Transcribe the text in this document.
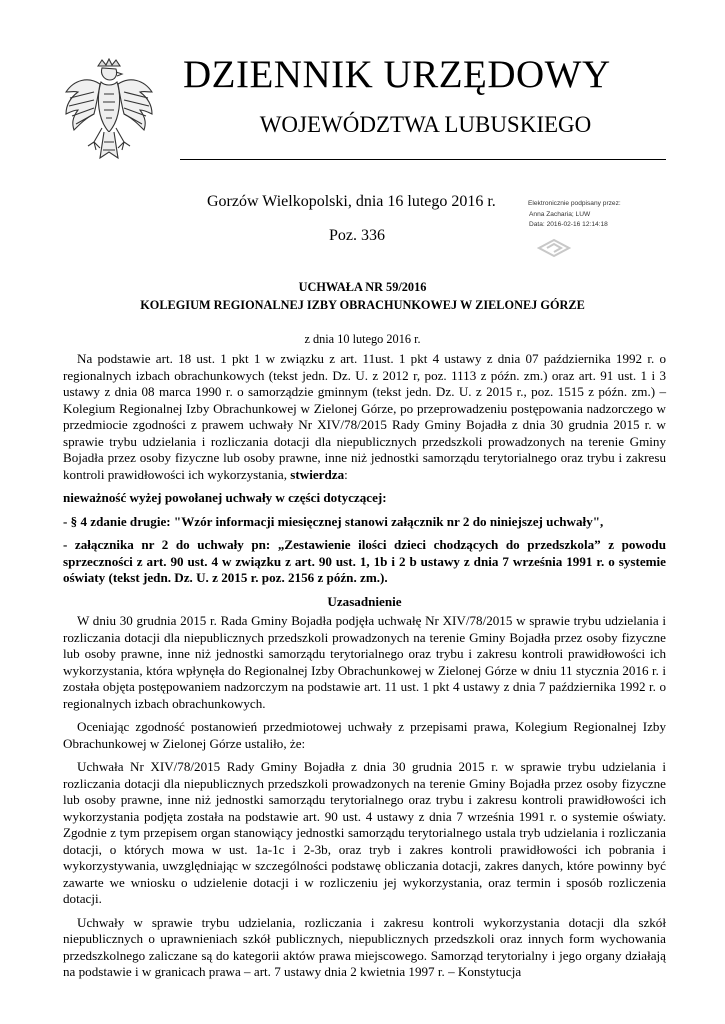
DZIENNIK URZĘDOWY
WOJEWÓDZTWA LUBUSKIEGO
Gorzów Wielkopolski, dnia 16 lutego 2016 r.
Poz. 336
Elektronicznie podpisany przez:
Anna Zacharia; LUW
Data: 2016-02-16 12:14:18
UCHWAŁA NR 59/2016
KOLEGIUM REGIONALNEJ IZBY OBRACHUNKOWEJ W ZIELONEJ GÓRZE
z dnia 10 lutego 2016 r.

Na podstawie art. 18 ust. 1 pkt 1 w związku z art. 11ust. 1 pkt 4 ustawy z dnia 07 października 1992 r. o regionalnych izbach obrachunkowych (tekst jedn. Dz. U. z 2012 r, poz. 1113 z późn. zm.) oraz art. 91 ust. 1 i 3 ustawy z dnia 08 marca 1990 r. o samorządzie gminnym (tekst jedn. Dz. U. z 2015 r., poz. 1515 z późn. zm.) – Kolegium Regionalnej Izby Obrachunkowej w Zielonej Górze, po przeprowadzeniu postępowania nadzorczego w przedmiocie zgodności z prawem uchwały Nr XIV/78/2015 Rady Gminy Bojadła z dnia 30 grudnia 2015 r. w sprawie trybu udzielania i rozliczania dotacji dla niepublicznych przedszkoli prowadzonych na terenie Gminy Bojadła przez osoby fizyczne lub osoby prawne, inne niż jednostki samorządu terytorialnego oraz trybu i zakresu kontroli prawidłowości ich wykorzystania, stwierdza:

nieważność wyżej powołanej uchwały w części dotyczącej:

- § 4 zdanie drugie: "Wzór informacji miesięcznej stanowi załącznik nr 2 do niniejszej uchwały",

- załącznika nr 2 do uchwały pn: „Zestawienie ilości dzieci chodzących do przedszkola” z powodu sprzeczności z art. 90 ust. 4 w związku z art. 90 ust. 1, 1b i 2 b ustawy z dnia 7 września 1991 r. o systemie oświaty (tekst jedn. Dz. U. z 2015 r. poz. 2156 z późn. zm.).

Uzasadnienie

W dniu 30 grudnia 2015 r. Rada Gminy Bojadła podjęła uchwałę Nr XIV/78/2015 w sprawie trybu udzielania i rozliczania dotacji dla niepublicznych przedszkoli prowadzonych na terenie Gminy Bojadła przez osoby fizyczne lub osoby prawne, inne niż jednostki samorządu terytorialnego oraz trybu i zakresu kontroli prawidłowości ich wykorzystania, która wpłynęła do Regionalnej Izby Obrachunkowej w Zielonej Górze w dniu 11 stycznia 2016 r. i została objęta postępowaniem nadzorczym na podstawie art. 11 ust. 1 pkt 4 ustawy z dnia 7 października 1992 r. o regionalnych izbach obrachunkowych.

Oceniając zgodność postanowień przedmiotowej uchwały z przepisami prawa, Kolegium Regionalnej Izby Obrachunkowej w Zielonej Górze ustaliło, że:

Uchwała Nr XIV/78/2015 Rady Gminy Bojadła z dnia 30 grudnia 2015 r. w sprawie trybu udzielania i rozliczania dotacji dla niepublicznych przedszkoli prowadzonych na terenie Gminy Bojadła przez osoby fizyczne lub osoby prawne, inne niż jednostki samorządu terytorialnego oraz trybu i zakresu kontroli prawidłowości ich wykorzystania podjęta została na podstawie art. 90 ust. 4 ustawy z dnia 7 września 1991 r. o systemie oświaty. Zgodnie z tym przepisem organ stanowiący jednostki samorządu terytorialnego ustala tryb udzielania i rozliczania dotacji, o których mowa w ust. 1a-1c i 2-3b, oraz tryb i zakres kontroli prawidłowości ich pobrania i wykorzystywania, uwzględniając w szczególności podstawę obliczania dotacji, zakres danych, które powinny być zawarte we wniosku o udzielenie dotacji i w rozliczeniu jej wykorzystania, oraz termin i sposób rozliczenia dotacji.

Uchwały w sprawie trybu udzielania, rozliczania i zakresu kontroli wykorzystania dotacji dla szkół niepublicznych o uprawnieniach szkół publicznych, niepublicznych przedszkoli oraz innych form wychowania przedszkolnego zaliczane są do kategorii aktów prawa miejscowego. Samorząd terytorialny i jego organy działają na podstawie i w granicach prawa – art. 7 ustawy dnia 2 kwietnia 1997 r. – Konstytucja
